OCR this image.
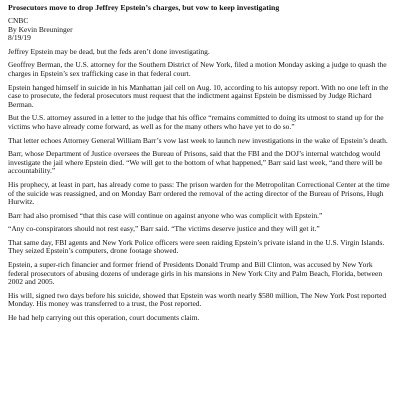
Prosecutors move to drop Jeffrey Epstein’s charges, but vow to keep investigating
CNBC
By Kevin Breuninger
8/19/19

Jeffrey Epstein may be dead, but the feds aren’t done investigating.

Geoffrey Berman, the U.S. attorney for the Southern District of New York, filed a motion Monday asking a judge to quash the charges in Epstein’s sex trafficking case in that federal court.

Epstein hanged himself in suicide in his Manhattan jail cell on Aug. 10, according to his autopsy report. With no one left in the case to prosecute, the federal prosecutors must request that the indictment against Epstein be dismissed by Judge Richard Berman.

But the U.S. attorney assured in a letter to the judge that his office “remains committed to doing its utmost to stand up for the victims who have already come forward, as well as for the many others who have yet to do so.”

That letter echoes Attorney General William Barr’s vow last week to launch new investigations in the wake of Epstein’s death.

Barr, whose Department of Justice oversees the Bureau of Prisons, said that the FBI and the DOJ’s internal watchdog would investigate the jail where Epstein died. “We will get to the bottom of what happened,” Barr said last week, “and there will be accountability.”

His prophecy, at least in part, has already come to pass: The prison warden for the Metropolitan Correctional Center at the time of the suicide was reassigned, and on Monday Barr ordered the removal of the acting director of the Bureau of Prisons, Hugh Hurwitz.

Barr had also promised “that this case will continue on against anyone who was complicit with Epstein.”

“Any co-conspirators should not rest easy,” Barr said. “The victims deserve justice and they will get it.”

That same day, FBI agents and New York Police officers were seen raiding Epstein’s private island in the U.S. Virgin Islands. They seized Epstein’s computers, drone footage showed.

Epstein, a super-rich financier and former friend of Presidents Donald Trump and Bill Clinton, was accused by New York federal prosecutors of abusing dozens of underage girls in his mansions in New York City and Palm Beach, Florida, between 2002 and 2005.

His will, signed two days before his suicide, showed that Epstein was worth nearly $580 million, The New York Post reported Monday. His money was transferred to a trust, the Post reported.

He had help carrying out this operation, court documents claim.
